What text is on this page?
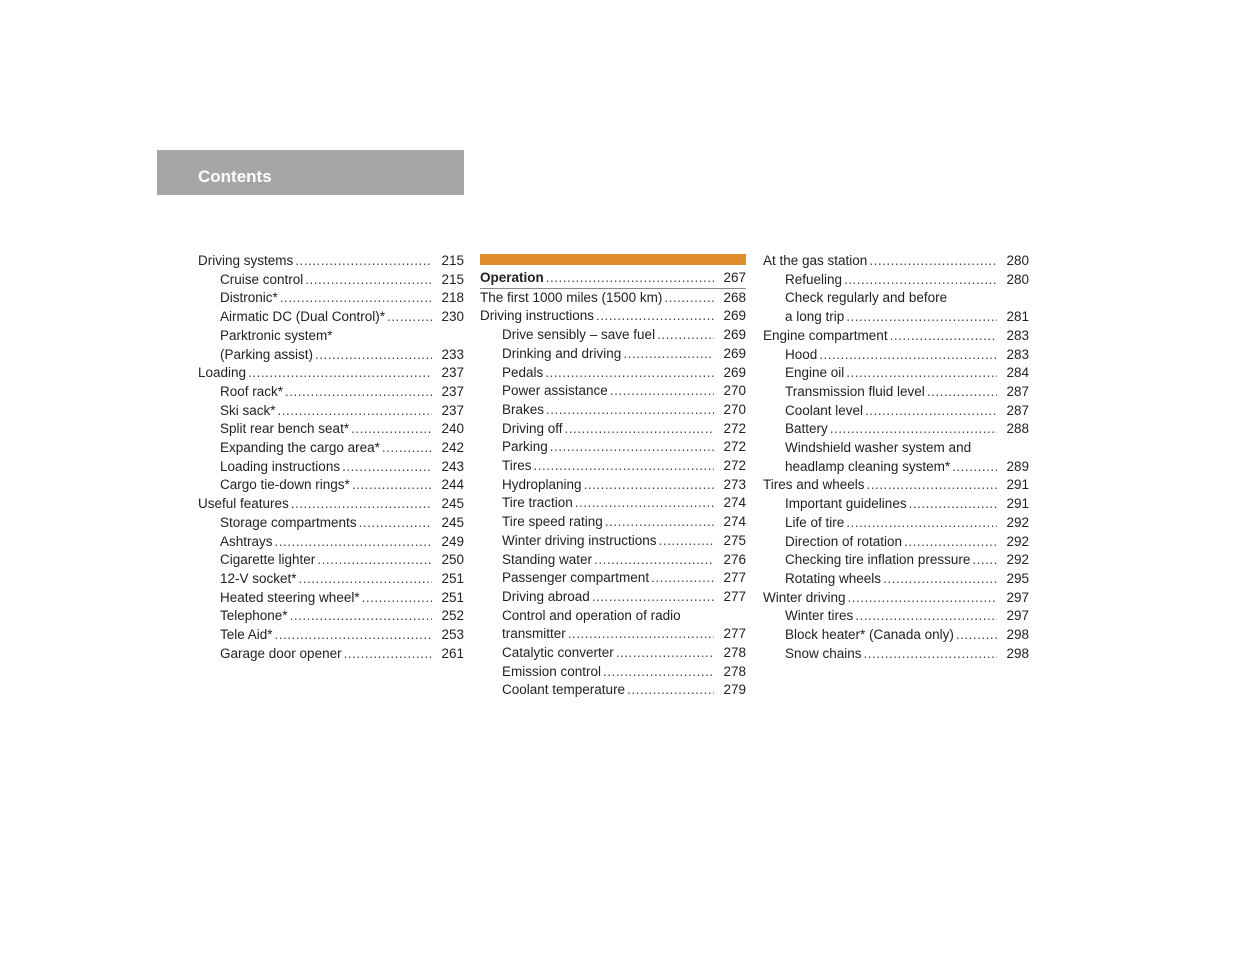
Contents
Driving systems .....	215
Cruise control .....	215
Distronic* .....	218
Airmatic DC (Dual Control)* .....	230
Parktronic system*
(Parking assist) .....	233
Loading .....	237
Roof rack* .....	237
Ski sack* .....	237
Split rear bench seat* .....	240
Expanding the cargo area* .....	242
Loading instructions .....	243
Cargo tie-down rings* .....	244
Useful features .....	245
Storage compartments .....	245
Ashtrays .....	249
Cigarette lighter .....	250
12-V socket* .....	251
Heated steering wheel* .....	251
Telephone* .....	252
Tele Aid* .....	253
Garage door opener .....	261
Operation .....	267
The first 1000 miles (1500 km) .....	268
Driving instructions .....	269
Drive sensibly – save fuel .....	269
Drinking and driving .....	269
Pedals .....	269
Power assistance .....	270
Brakes .....	270
Driving off .....	272
Parking .....	272
Tires .....	272
Hydroplaning .....	273
Tire traction .....	274
Tire speed rating .....	274
Winter driving instructions .....	275
Standing water .....	276
Passenger compartment .....	277
Driving abroad .....	277
Control and operation of radio
transmitter .....	277
Catalytic converter .....	278
Emission control .....	278
Coolant temperature .....	279
At the gas station .....	280
Refueling .....	280
Check regularly and before
a long trip .....	281
Engine compartment .....	283
Hood .....	283
Engine oil .....	284
Transmission fluid level .....	287
Coolant level .....	287
Battery .....	288
Windshield washer system and
headlamp cleaning system* .....	289
Tires and wheels .....	291
Important guidelines .....	291
Life of tire .....	292
Direction of rotation .....	292
Checking tire inflation pressure .....	292
Rotating wheels .....	295
Winter driving .....	297
Winter tires .....	297
Block heater* (Canada only) .....	298
Snow chains .....	298
